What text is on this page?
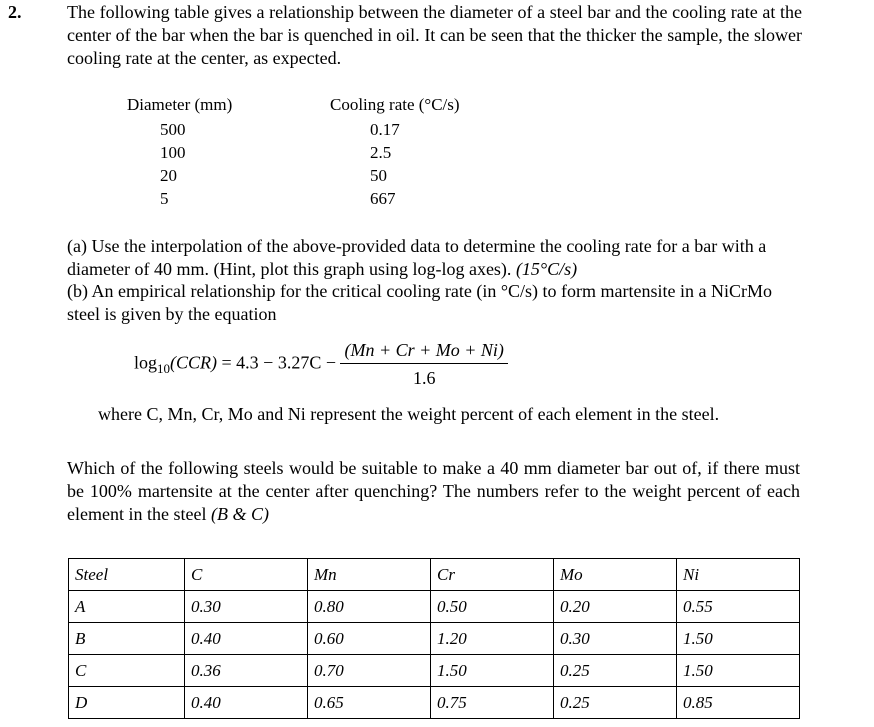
2.	The following table gives a relationship between the diameter of a steel bar and the cooling rate at the center of the bar when the bar is quenched in oil. It can be seen that the thicker the sample, the slower cooling rate at the center, as expected.
Diameter (mm)	Cooling rate (°C/s)
500	0.17
100	2.5
20	50
5	667
(a) Use the interpolation of the above-provided data to determine the cooling rate for a bar with a diameter of 40 mm. (Hint, plot this graph using log-log axes). (15°C/s)
(b) An empirical relationship for the critical cooling rate (in °C/s) to form martensite in a NiCrMo steel is given by the equation
$\log_{10}(CCR) = 4.3 - 3.27C - \frac{(Mn + Cr + Mo + Ni)}{1.6}$
where C, Mn, Cr, Mo and Ni represent the weight percent of each element in the steel.
Which of the following steels would be suitable to make a 40 mm diameter bar out of, if there must be 100% martensite at the center after quenching? The numbers refer to the weight percent of each element in the steel (B & C)
Steel	C	Mn	Cr	Mo	Ni
A	0.30	0.80	0.50	0.20	0.55
B	0.40	0.60	1.20	0.30	1.50
C	0.36	0.70	1.50	0.25	1.50
D	0.40	0.65	0.75	0.25	0.85
